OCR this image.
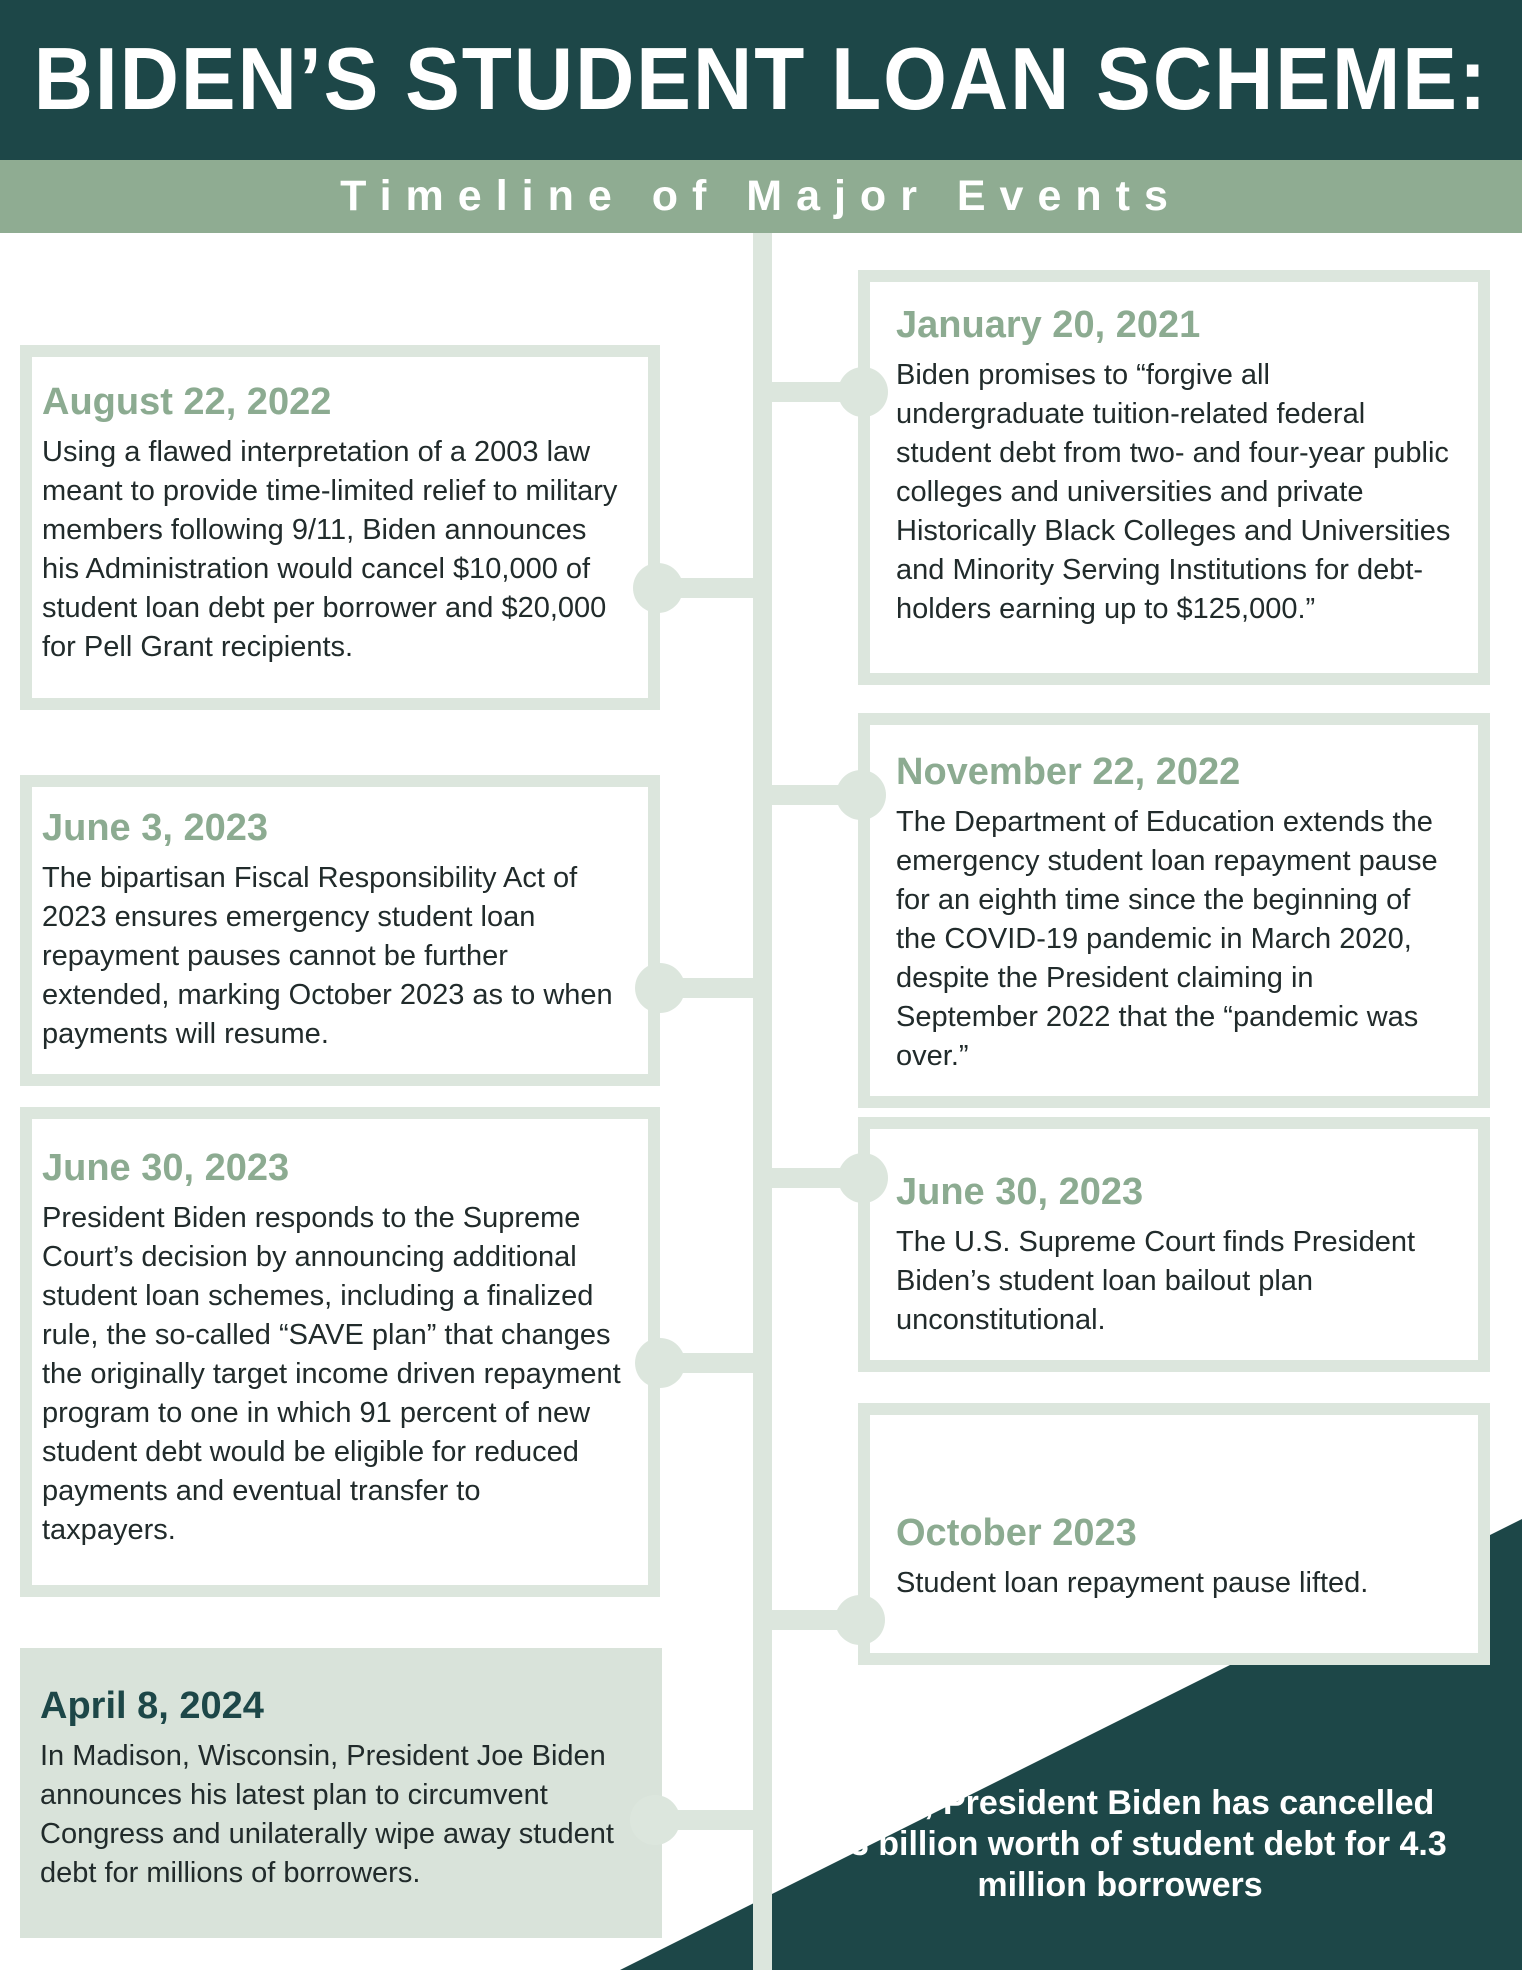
BIDEN’S STUDENT LOAN SCHEME:
Timeline of Major Events
To date, President Biden has cancelled $153 billion worth of student debt for 4.3 million borrowers
August 22, 2022

Using a flawed interpretation of a 2003 law meant to provide time-limited relief to military members following 9/11, Biden announces his Administration would cancel $10,000 of student loan debt per borrower and $20,000 for Pell Grant recipients.

June 3, 2023

The bipartisan Fiscal Responsibility Act of 2023 ensures emergency student loan repayment pauses cannot be further extended, marking October 2023 as to when payments will resume.

June 30, 2023

President Biden responds to the Supreme Court’s decision by announcing additional student loan schemes, including a finalized rule, the so-called “SAVE plan” that changes the originally target income driven repayment program to one in which 91 percent of new student debt would be eligible for reduced payments and eventual transfer to taxpayers.

April 8, 2024

In Madison, Wisconsin, President Joe Biden announces his latest plan to circumvent Congress and unilaterally wipe away student debt for millions of borrowers.

January 20, 2021

Biden promises to “forgive all undergraduate tuition-related federal student debt from two- and four-year public colleges and universities and private Historically Black Colleges and Universities and Minority Serving Institutions for debt-holders earning up to $125,000.”

November 22, 2022

The Department of Education extends the emergency student loan repayment pause for an eighth time since the beginning of the COVID-19 pandemic in March 2020, despite the President claiming in September 2022 that the “pandemic was over.”

June 30, 2023

The U.S. Supreme Court finds President Biden’s student loan bailout plan unconstitutional.

October 2023

Student loan repayment pause lifted.
